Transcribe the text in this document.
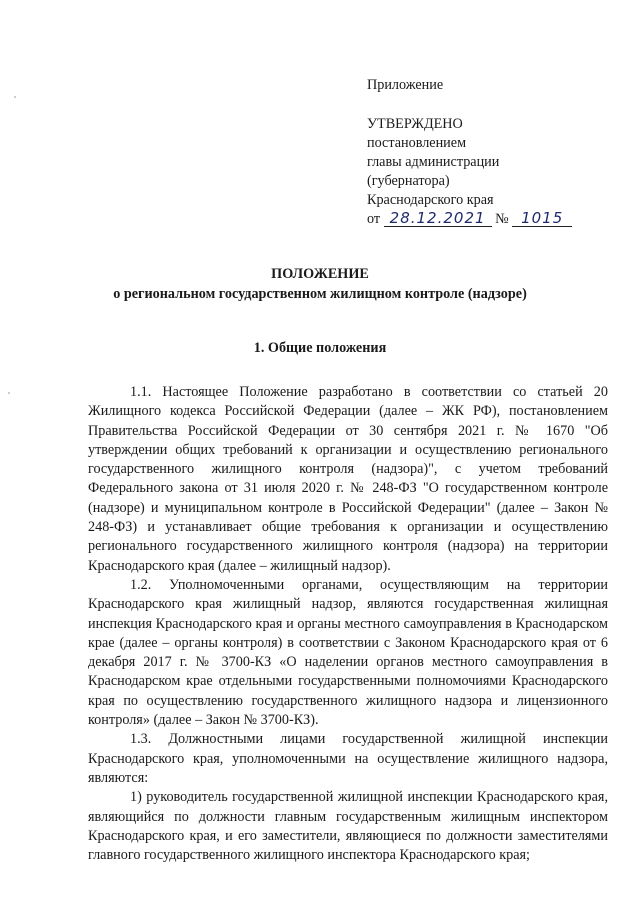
Приложение
УТВЕРЖДЕНО
постановлением
главы администрации
(губернатора)
Краснодарского края
от 28.12.2021 № 1015
ПОЛОЖЕНИЕ
о региональном государственном жилищном контроле (надзоре)
1. Общие положения

1.1. Настоящее Положение разработано в соответствии со статьей 20 Жилищного кодекса Российской Федерации (далее – ЖК РФ), постановлением Правительства Российской Федерации от 30 сентября 2021 г. № 1670 "Об утверждении общих требований к организации и осуществлению регионального государственного жилищного контроля (надзора)", с учетом требований Федерального закона от 31 июля 2020 г. № 248-ФЗ "О государственном контроле (надзоре) и муниципальном контроле в Российской Федерации" (далее – Закон № 248-ФЗ) и устанавливает общие требования к организации и осуществлению регионального государственного жилищного контроля (надзора) на территории Краснодарского края (далее – жилищный надзор).

1.2. Уполномоченными органами, осуществляющим на территории Краснодарского края жилищный надзор, являются государственная жилищная инспекция Краснодарского края и органы местного самоуправления в Краснодарском крае (далее – органы контроля) в соответствии с Законом Краснодарского края от 6 декабря 2017 г. № 3700-КЗ «О наделении органов местного самоуправления в Краснодарском крае отдельными государственными полномочиями Краснодарского края по осуществлению государственного жилищного надзора и лицензионного контроля» (далее – Закон № 3700-КЗ).

1.3. Должностными лицами государственной жилищной инспекции Краснодарского края, уполномоченными на осуществление жилищного надзора, являются:

1) руководитель государственной жилищной инспекции Краснодарского края, являющийся по должности главным государственным жилищным инспектором Краснодарского края, и его заместители, являющиеся по должности заместителями главного государственного жилищного инспектора Краснодарского края;
